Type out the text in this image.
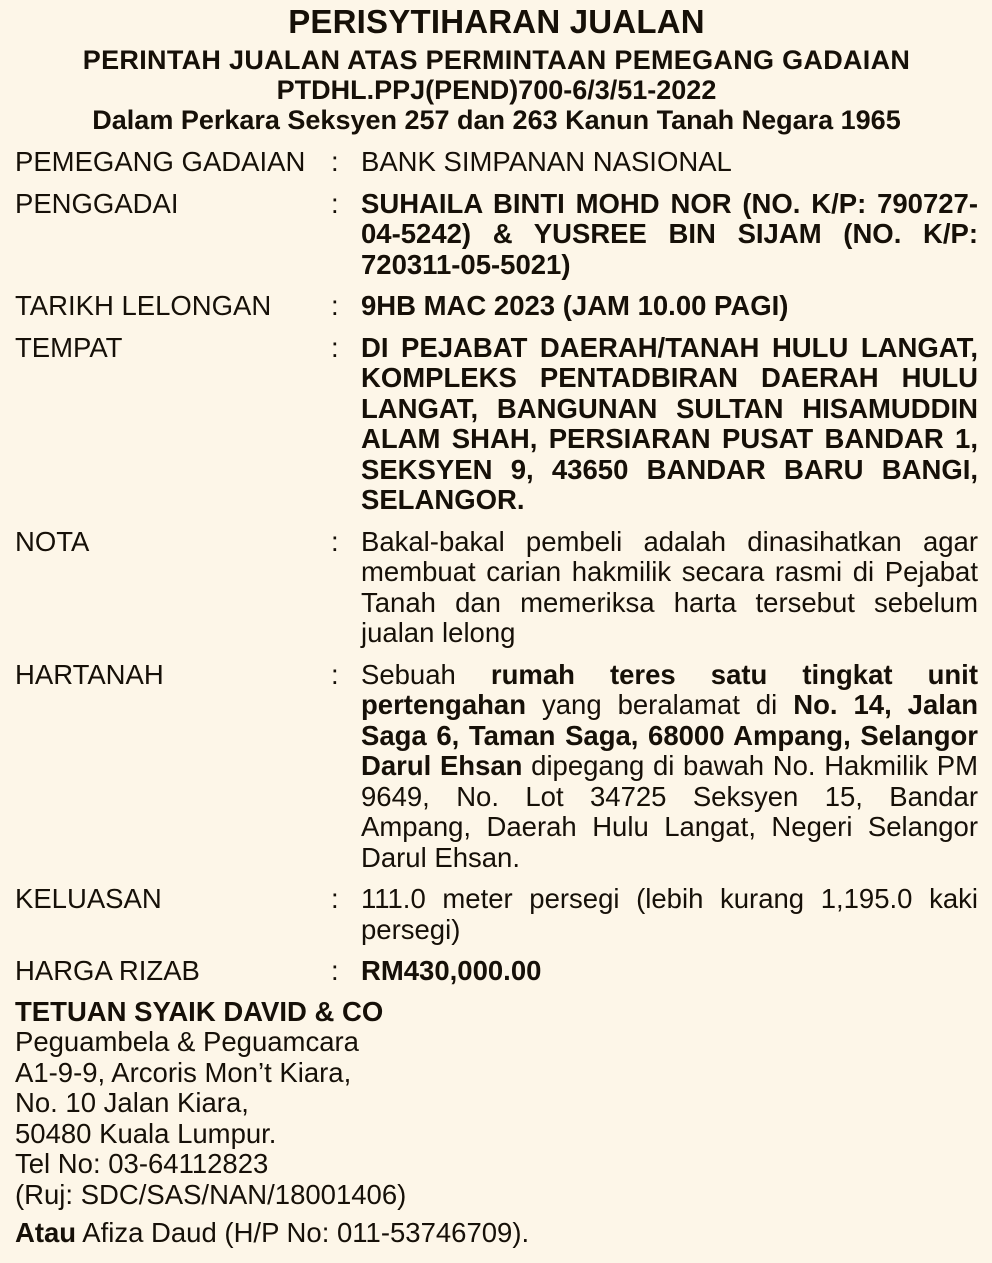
PERISYTIHARAN JUALAN
PERINTAH JUALAN ATAS PERMINTAAN PEMEGANG GADAIAN
PTDHL.PPJ(PEND)700-6/3/51-2022
Dalam Perkara Seksyen 257 dan 263 Kanun Tanah Negara 1965
PEMEGANG GADAIAN : BANK SIMPANAN NASIONAL
PENGGADAI	: SUHAILA BINTI MOHD NOR (NO. K/P: 790727-04-5242) & YUSREE BIN SIJAM (NO. K/P: 720311-05-5021)
TARIKH LELONGAN	: 9HB MAC 2023 (JAM 10.00 PAGI)
TEMPAT	: DI PEJABAT DAERAH/TANAH HULU LANGAT, KOMPLEKS PENTADBIRAN DAERAH HULU LANGAT, BANGUNAN SULTAN HISAMUDDIN ALAM SHAH, PERSIARAN PUSAT BANDAR 1, SEKSYEN 9, 43650 BANDAR BARU BANGI, SELANGOR.
NOTA	: Bakal-bakal pembeli adalah dinasihatkan agar membuat carian hakmilik secara rasmi di Pejabat Tanah dan memeriksa harta tersebut sebelum jualan lelong
HARTANAH	: Sebuah rumah teres satu tingkat unit pertengahan yang beralamat di No. 14, Jalan Saga 6, Taman Saga, 68000 Ampang, Selangor Darul Ehsan dipegang di bawah No. Hakmilik PM 9649, No. Lot 34725 Seksyen 15, Bandar Ampang, Daerah Hulu Langat, Negeri Selangor Darul Ehsan.
KELUASAN	: 111.0 meter persegi (lebih kurang 1,195.0 kaki persegi)
HARGA RIZAB	: RM430,000.00
TETUAN SYAIK DAVID & CO
Peguambela & Peguamcara
A1-9-9, Arcoris Mon’t Kiara,
No. 10 Jalan Kiara,
50480 Kuala Lumpur.
Tel No: 03-64112823
(Ruj: SDC/SAS/NAN/18001406)
Atau Afiza Daud (H/P No: 011-53746709).
